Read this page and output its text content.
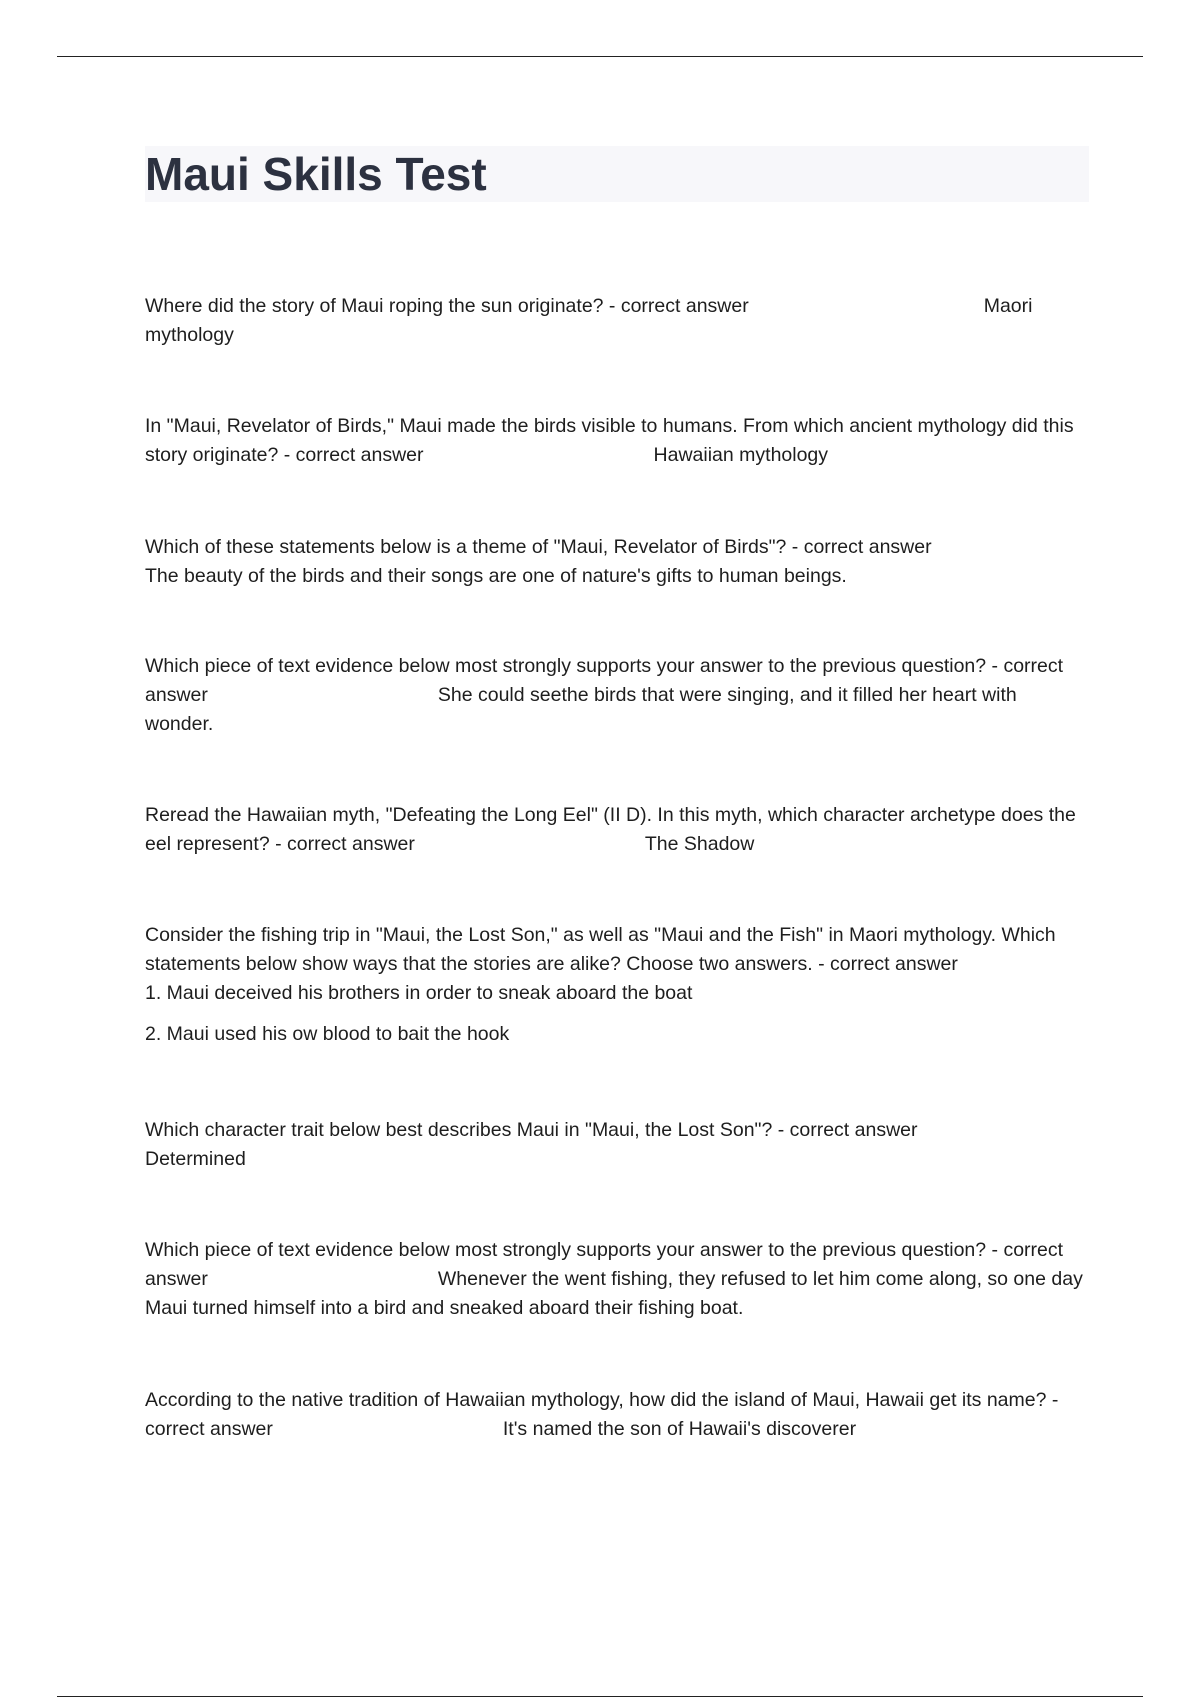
Maui Skills Test

Where did the story of Maui roping the sun originate? - correct answer	Maori

mythology

In "Maui, Revelator of Birds," Maui made the birds visible to humans. From which ancient mythology did this story originate? - correct answer	Hawaiian mythology

Which of these statements below is a theme of "Maui, Revelator of Birds"? - correct answer

The beauty of the birds and their songs are one of nature's gifts to human beings.

Which piece of text evidence below most strongly supports your answer to the previous question? - correct answer	She could seethe birds that were singing, and it filled her heart with wonder.

Reread the Hawaiian myth, "Defeating the Long Eel" (II D). In this myth, which character archetype does the eel represent? - correct answer	The Shadow

Consider the fishing trip in "Maui, the Lost Son," as well as "Maui and the Fish" in Maori mythology. Which statements below show ways that the stories are alike? Choose two answers. - correct answer

1. Maui deceived his brothers in order to sneak aboard the boat

2. Maui used his ow blood to bait the hook

Which character trait below best describes Maui in "Maui, the Lost Son"? - correct answer

Determined

Which piece of text evidence below most strongly supports your answer to the previous question? - correct answer	Whenever the went fishing, they refused to let him come along, so one day Maui turned himself into a bird and sneaked aboard their fishing boat.

According to the native tradition of Hawaiian mythology, how did the island of Maui, Hawaii get its name? - correct answer	It's named the son of Hawaii's discoverer
